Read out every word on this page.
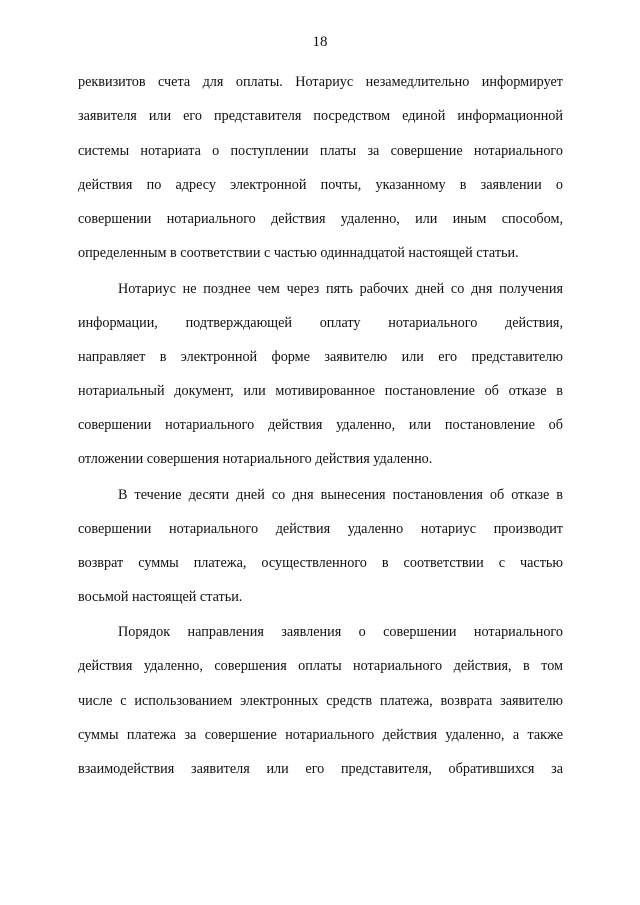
18
реквизитов счета для оплаты. Нотариус незамедлительно информирует
заявителя или его представителя посредством единой информационной
системы нотариата о поступлении платы за совершение нотариального
действия по адресу электронной почты, указанному в заявлении о
совершении нотариального действия удаленно, или иным способом,
определенным в соответствии с частью одиннадцатой настоящей статьи.
Нотариус не позднее чем через пять рабочих дней со дня получения
информации, подтверждающей оплату нотариального действия,
направляет в электронной форме заявителю или его представителю
нотариальный документ, или мотивированное постановление об отказе в
совершении нотариального действия удаленно, или постановление об
отложении совершения нотариального действия удаленно.
В течение десяти дней со дня вынесения постановления об отказе в
совершении нотариального действия удаленно нотариус производит
возврат суммы платежа, осуществленного в соответствии с частью
восьмой настоящей статьи.
Порядок направления заявления о совершении нотариального
действия удаленно, совершения оплаты нотариального действия, в том
числе с использованием электронных средств платежа, возврата заявителю
суммы платежа за совершение нотариального действия удаленно, а также
взаимодействия заявителя или его представителя, обратившихся за
